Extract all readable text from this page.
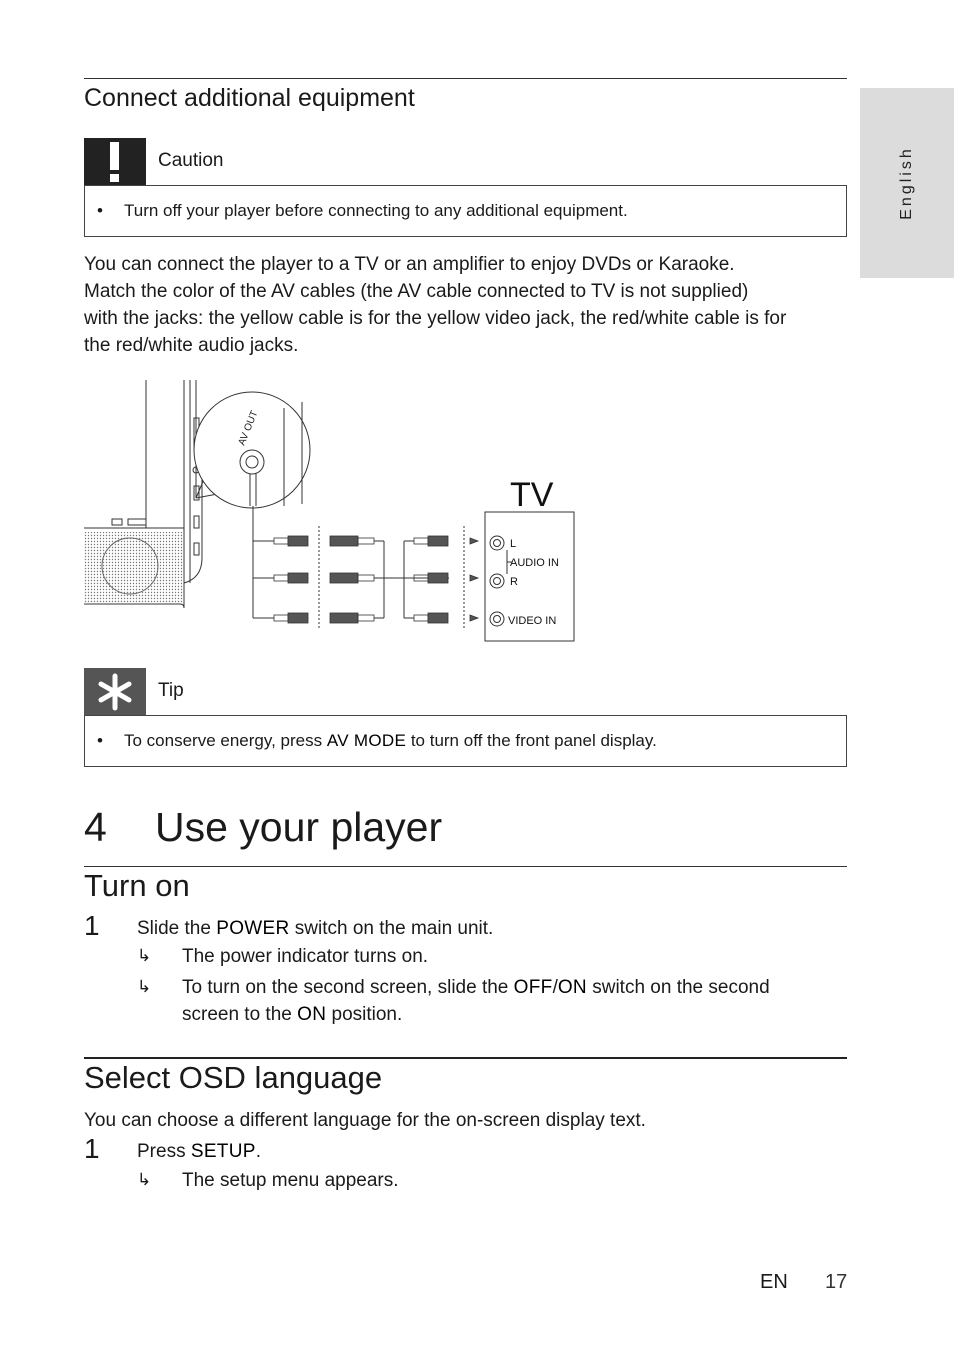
English
Connect additional equipment
Caution
• Turn off your player before connecting to any additional equipment.
You can connect the player to a TV or an amplifier to enjoy DVDs or Karaoke.
Match the color of the AV cables (the AV cable connected to TV is not supplied)
with the jacks: the yellow cable is for the yellow video jack, the red/white cable is for
the red/white audio jacks.
AV OUT
TV
L
AUDIO IN
R
VIDEO IN
Tip
• To conserve energy, press AV MODE to turn off the front panel display.
4 Use your player
Turn on
1 Slide the POWER switch on the main unit.
↳ The power indicator turns on.
↳ To turn on the second screen, slide the OFF/ON switch on the second
screen to the ON position.
Select OSD language
You can choose a different language for the on-screen display text.
1 Press SETUP.
↳ The setup menu appears.
EN 17
